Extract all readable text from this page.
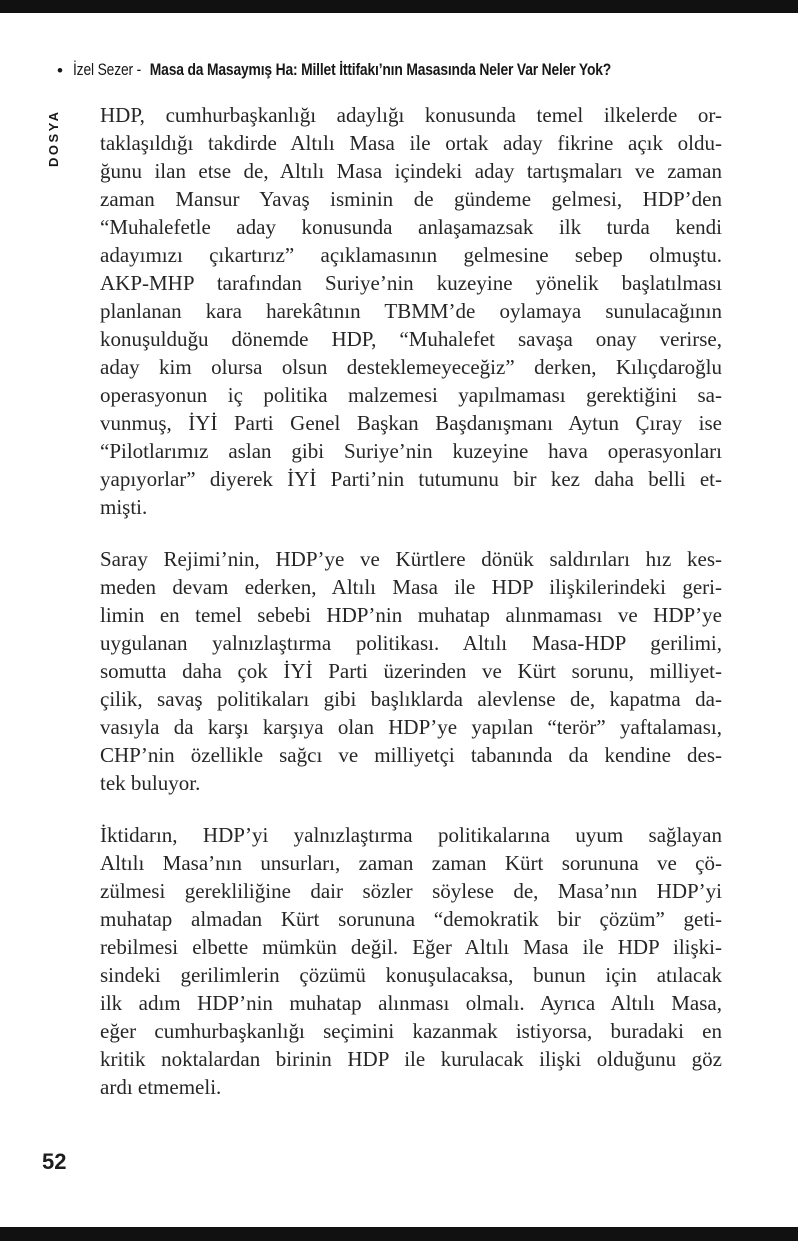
• İzel Sezer - Masa da Masaymış Ha: Millet İttifakı’nın Masasında Neler Var Neler Yok?
DOSYA HDP, cumhurbaşkanlığı adaylığı konusunda temel ilkelerde or-
taklaşıldığı takdirde Altılı Masa ile ortak aday fikrine açık oldu-
ğunu ilan etse de, Altılı Masa içindeki aday tartışmaları ve zaman
zaman Mansur Yavaş isminin de gündeme gelmesi, HDP’den
“Muhalefetle aday konusunda anlaşamazsak ilk turda kendi
adayımızı çıkartırız” açıklamasının gelmesine sebep olmuştu.
AKP-MHP tarafından Suriye’nin kuzeyine yönelik başlatılması
planlanan kara harekâtının TBMM’de oylamaya sunulacağının
konuşulduğu dönemde HDP, “Muhalefet savaşa onay verirse,
aday kim olursa olsun desteklemeyeceğiz” derken, Kılıçdaroğlu
operasyonun iç politika malzemesi yapılmaması gerektiğini sa-
vunmuş, İYİ Parti Genel Başkan Başdanışmanı Aytun Çıray ise
“Pilotlarımız aslan gibi Suriye’nin kuzeyine hava operasyonları
yapıyorlar” diyerek İYİ Parti’nin tutumunu bir kez daha belli et-
mişti.
Saray Rejimi’nin, HDP’ye ve Kürtlere dönük saldırıları hız kes-
meden devam ederken, Altılı Masa ile HDP ilişkilerindeki geri-
limin en temel sebebi HDP’nin muhatap alınmaması ve HDP’ye
uygulanan yalnızlaştırma politikası. Altılı Masa-HDP gerilimi,
somutta daha çok İYİ Parti üzerinden ve Kürt sorunu, milliyet-
çilik, savaş politikaları gibi başlıklarda alevlense de, kapatma da-
vasıyla da karşı karşıya olan HDP’ye yapılan “terör” yaftalaması,
CHP’nin özellikle sağcı ve milliyetçi tabanında da kendine des-
tek buluyor.
İktidarın, HDP’yi yalnızlaştırma politikalarına uyum sağlayan
Altılı Masa’nın unsurları, zaman zaman Kürt sorununa ve çö-
zülmesi gerekliliğine dair sözler söylese de, Masa’nın HDP’yi
muhatap almadan Kürt sorununa “demokratik bir çözüm” geti-
rebilmesi elbette mümkün değil. Eğer Altılı Masa ile HDP ilişki-
sindeki gerilimlerin çözümü konuşulacaksa, bunun için atılacak
ilk adım HDP’nin muhatap alınması olmalı. Ayrıca Altılı Masa,
eğer cumhurbaşkanlığı seçimini kazanmak istiyorsa, buradaki en
kritik noktalardan birinin HDP ile kurulacak ilişki olduğunu göz
ardı etmemeli.
52
